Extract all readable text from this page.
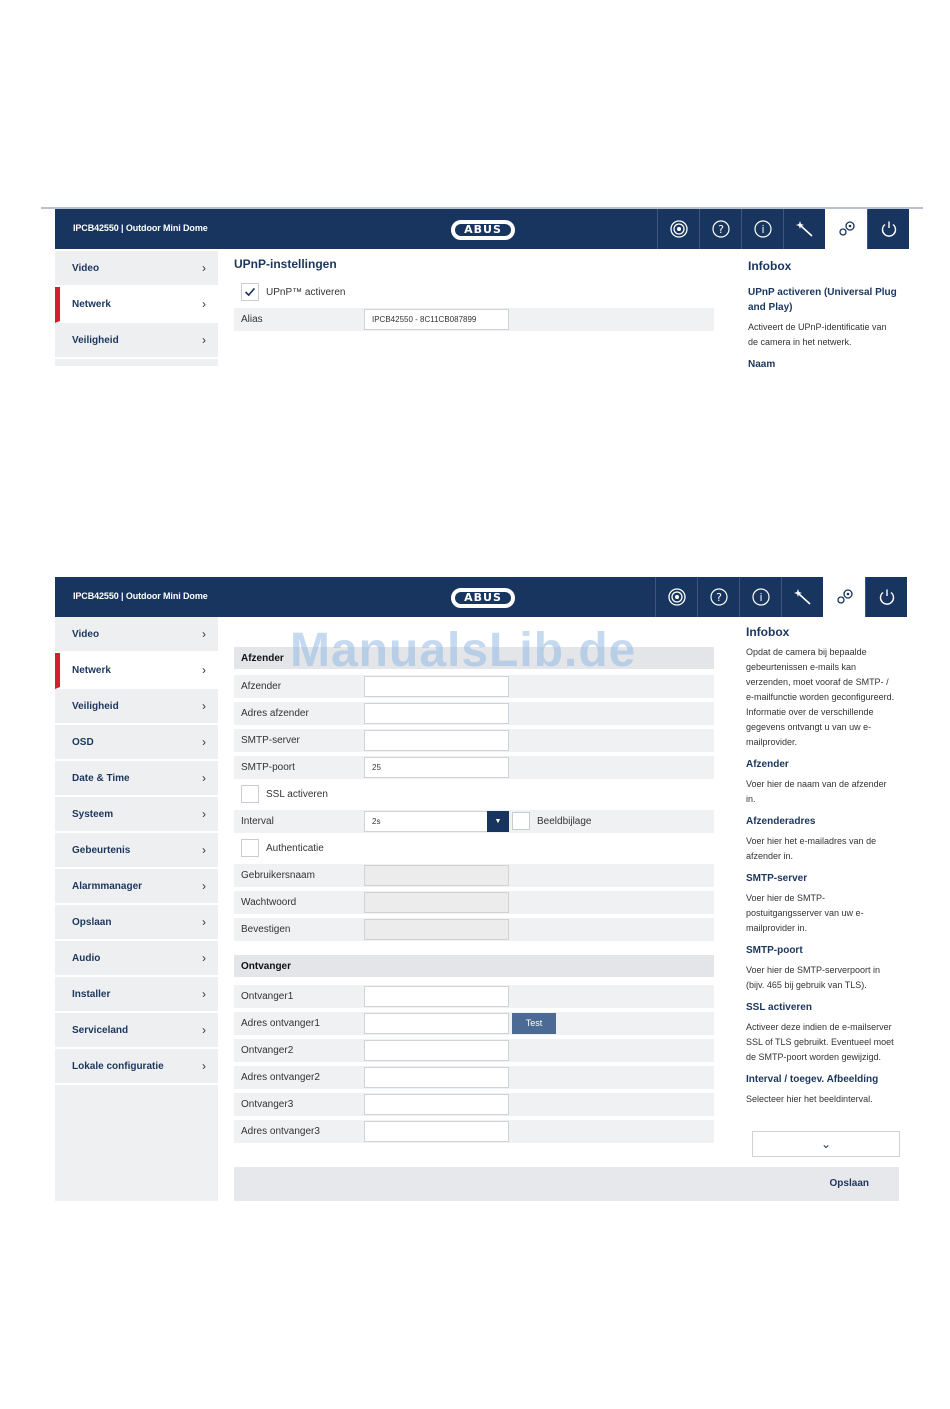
IPCB42550 | Outdoor Mini Dome	ABUS	?	i
Video	›
Netwerk	›
Veiligheid	›
UPnP-instellingen
UPnP™ activeren
Alias	IPCB42550 - 8C11CB087899
Infobox
UPnP activeren (Universal Plug and Play)
Activeert de UPnP-identificatie van de camera in het netwerk.
Naam
IPCB42550 | Outdoor Mini Dome	ABUS	?	i
Video	›
Netwerk	›
Veiligheid	›
OSD	›
Date & Time	›
Systeem	›
Gebeurtenis	›
Alarmmanager	›
Opslaan	›
Audio	›
Installer	›
Serviceland	›
Lokale configuratie	›
Afzender
Afzender
Adres afzender
SMTP-server
SMTP-poort	25
SSL activeren
Interval	2s	▼	Beeldbijlage
Authenticatie
Gebruikersnaam
Wachtwoord
Bevestigen
Ontvanger
Ontvanger1
Adres ontvanger1	Test
Ontvanger2
Adres ontvanger2
Ontvanger3
Adres ontvanger3
Infobox
Opdat de camera bij bepaalde gebeurtenissen e-mails kan verzenden, moet vooraf de SMTP- / e-mailfunctie worden geconfigureerd. Informatie over de verschillende gegevens ontvangt u van uw e-mailprovider.
Afzender
Voer hier de naam van de afzender in.
Afzenderadres
Voer hier het e-mailadres van de afzender in.
SMTP-server
Voer hier de SMTP-postuitgangsserver van uw e-mailprovider in.
SMTP-poort
Voer hier de SMTP-serverpoort in (bijv. 465 bij gebruik van TLS).
SSL activeren
Activeer deze indien de e-mailserver SSL of TLS gebruikt. Eventueel moet de SMTP-poort worden gewijzigd.
Interval / toegev. Afbeelding
Selecteer hier het beeldinterval.
⌄
Opslaan
ManualsLib.de
